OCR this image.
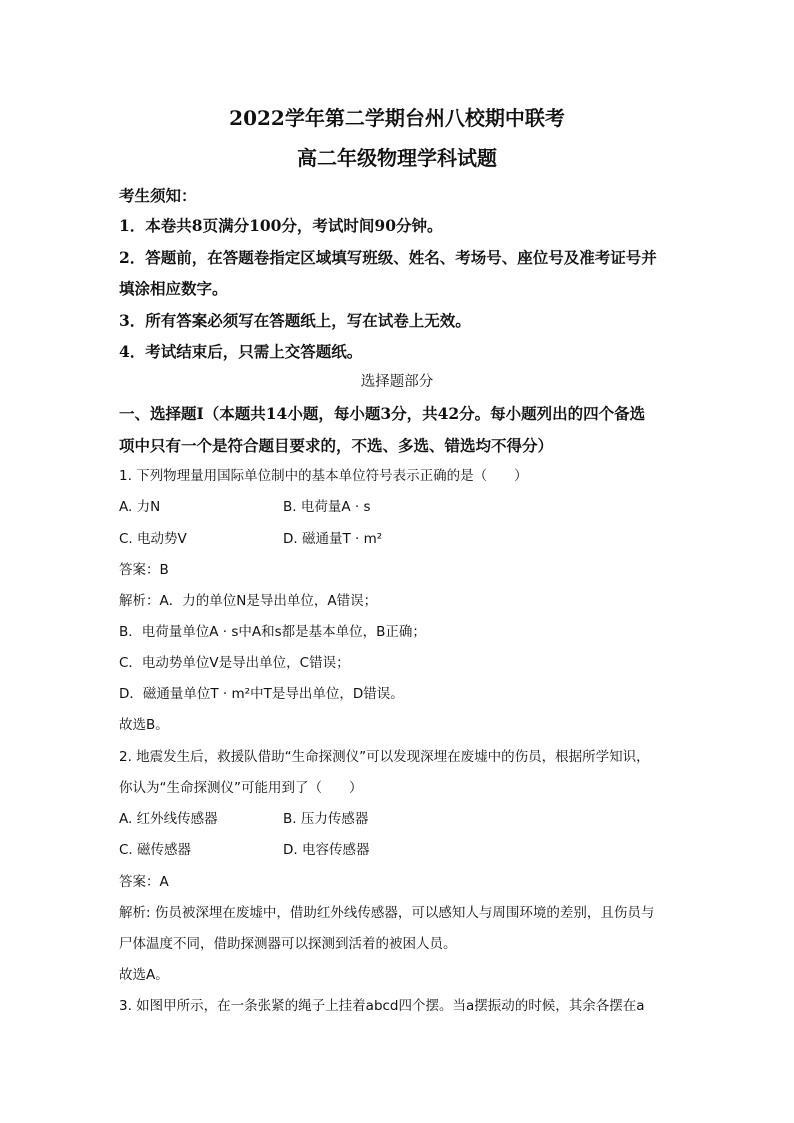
2022学年第二学期台州八校期中联考
高二年级物理学科试题
考生须知：
1．本卷共8页满分100分，考试时间90分钟。
2．答题前，在答题卷指定区域填写班级、姓名、考场号、座位号及准考证号并
填涂相应数字。
3．所有答案必须写在答题纸上，写在试卷上无效。
4．考试结束后，只需上交答题纸。
选择题部分
一、选择题Ⅰ（本题共14小题，每小题3分，共42分。每小题列出的四个备选
项中只有一个是符合题目要求的，不选、多选、错选均不得分）
1. 下列物理量用国际单位制中的基本单位符号表示正确的是（　　）
A. 力N	B. 电荷量A · s
C. 电动势V	D. 磁通量T · m²
答案：B
解析：A．力的单位N是导出单位，A错误；
B．电荷量单位A · s中A和s都是基本单位，B正确；
C．电动势单位V是导出单位，C错误；
D．磁通量单位T · m²中T是导出单位，D错误。
故选B。
2. 地震发生后，救援队借助“生命探测仪”可以发现深埋在废墟中的伤员，根据所学知识，
你认为“生命探测仪”可能用到了（　　）
A. 红外线传感器	B. 压力传感器
C. 磁传感器	D. 电容传感器
答案：A
解析: 伤员被深埋在废墟中，借助红外线传感器，可以感知人与周围环境的差别，且伤员与
尸体温度不同，借助探测器可以探测到活着的被困人员。
故选A。
3. 如图甲所示，在一条张紧的绳子上挂着abcd四个摆。当a摆振动的时候，其余各摆在a
